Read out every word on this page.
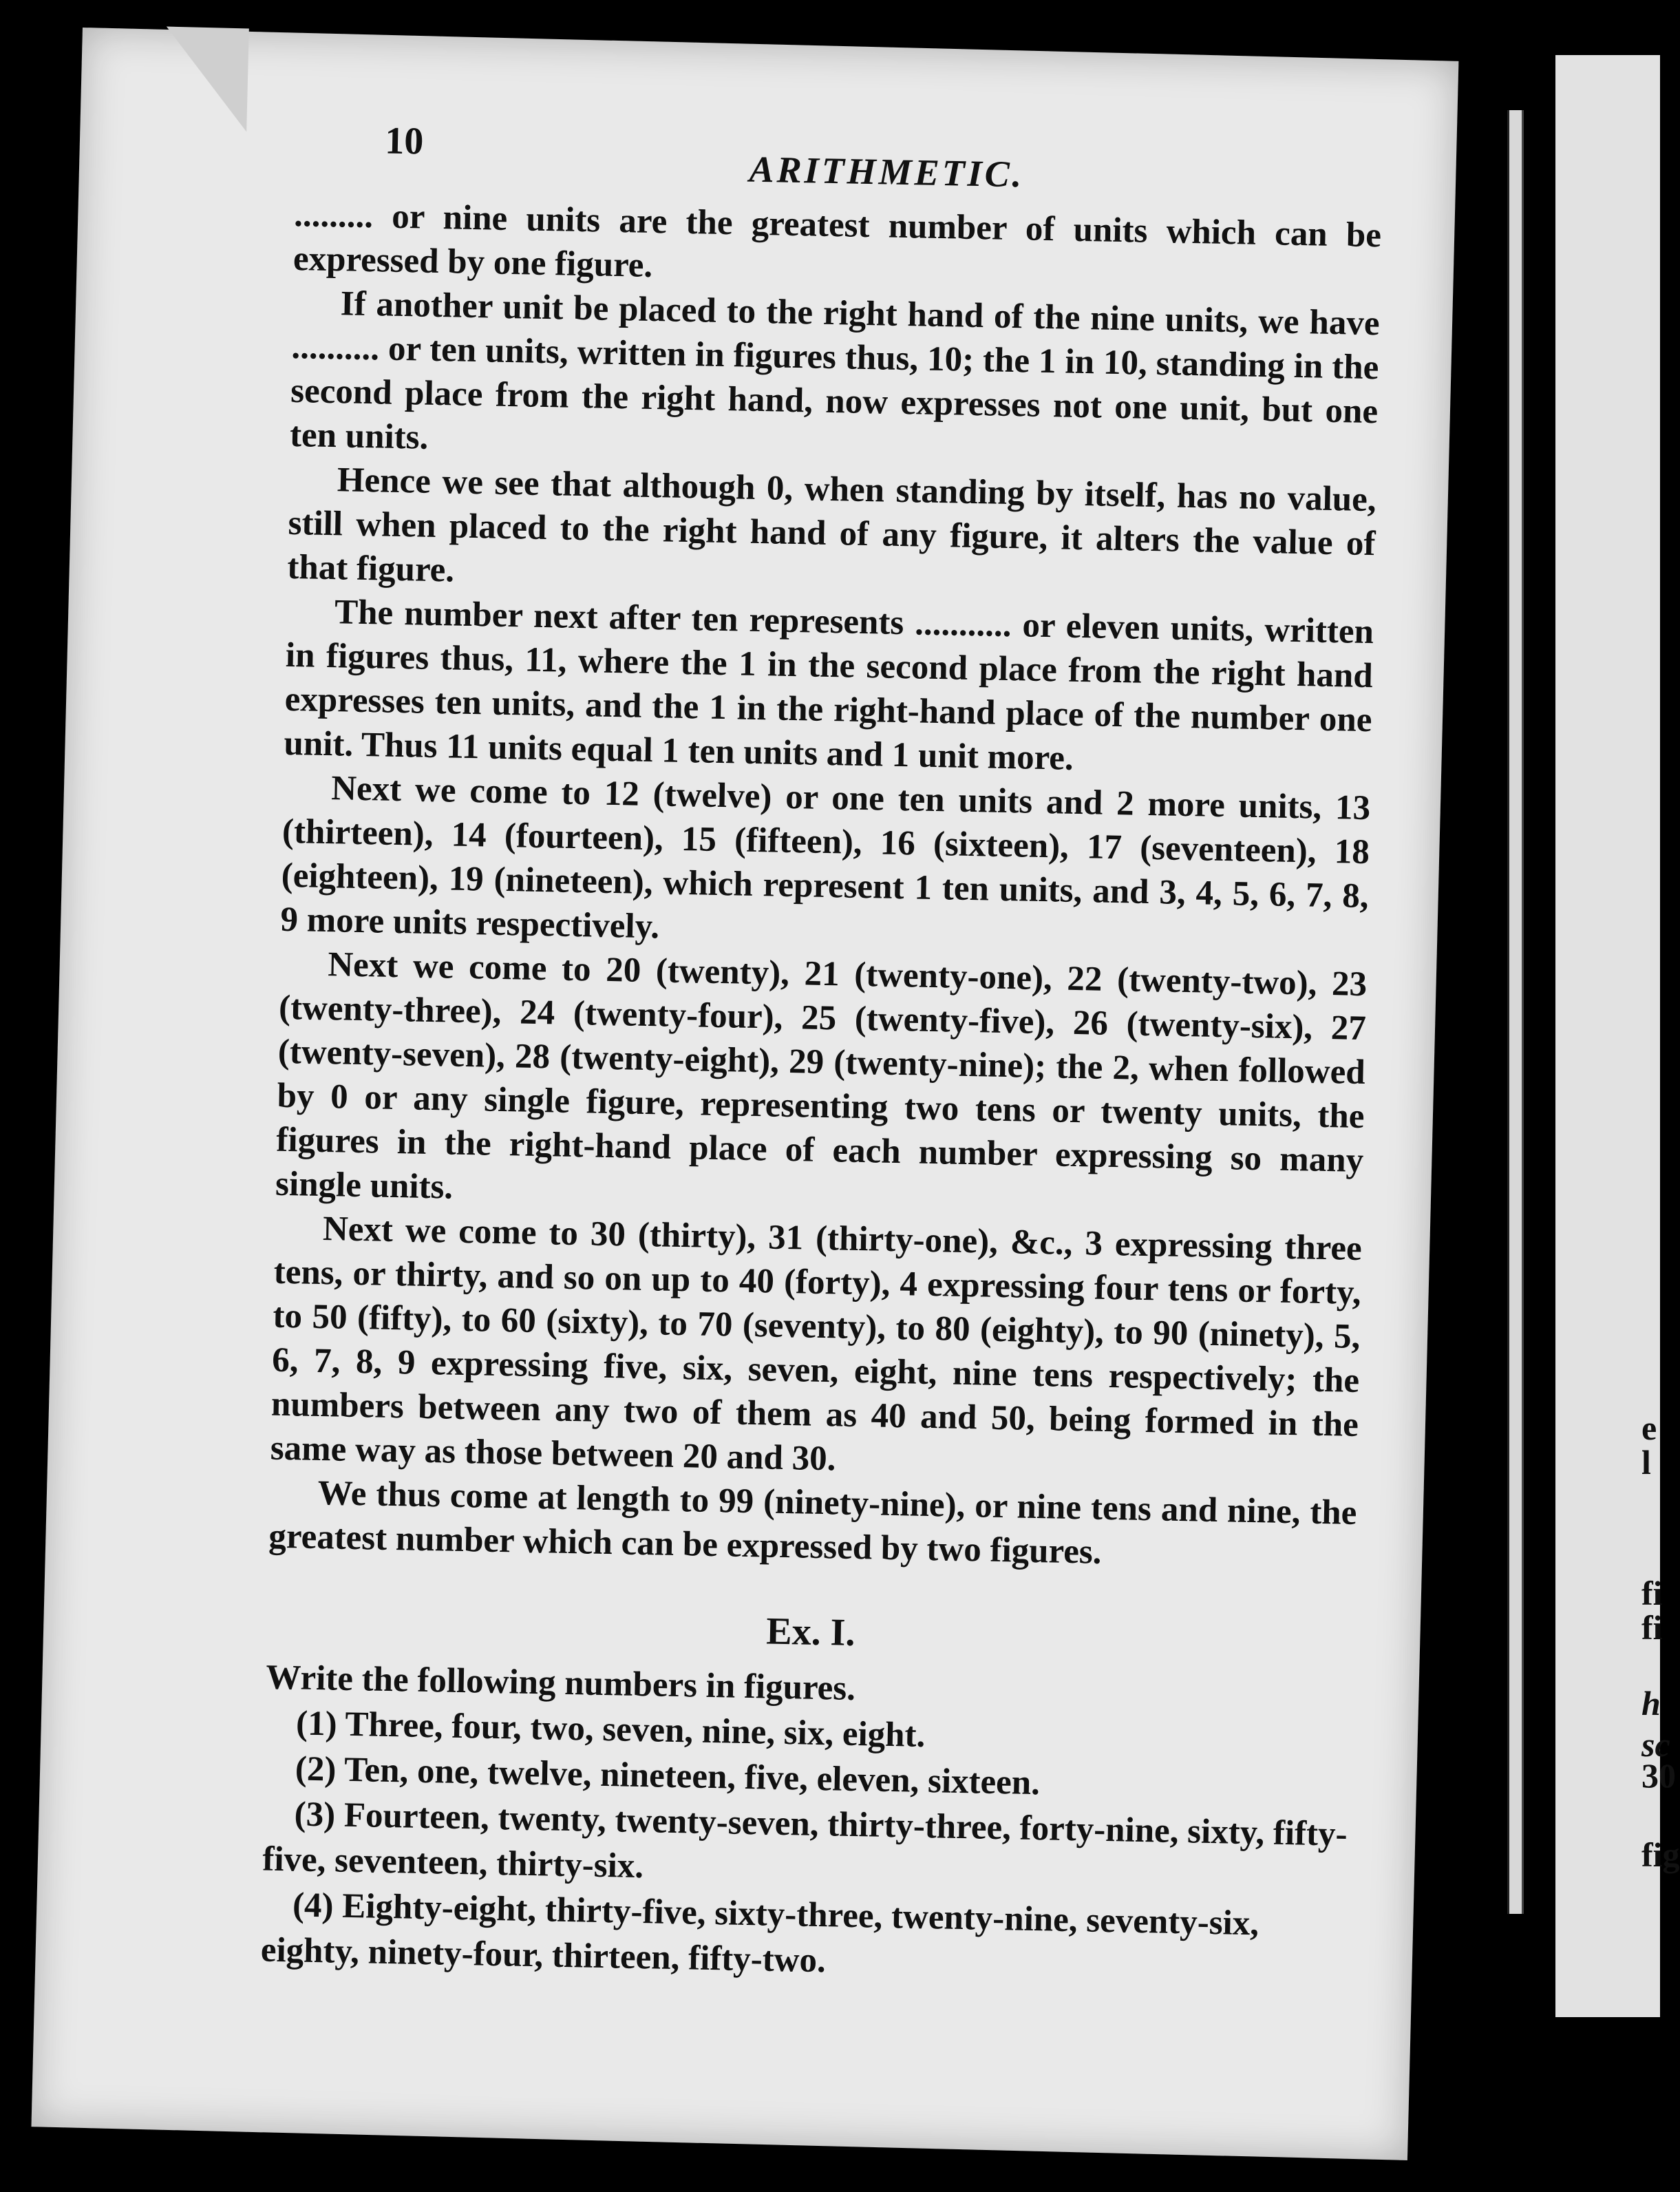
e
l
fi
fi
h
sc
30
fig
10
ARITHMETIC.

......... or nine units are the greatest number of units which can be expressed by one figure.

If another unit be placed to the right hand of the nine units, we have .......... or ten units, written in figures thus, 10; the 1 in 10, standing in the second place from the right hand, now expresses not one unit, but one ten units.

Hence we see that although 0, when standing by itself, has no value, still when placed to the right hand of any figure, it alters the value of that figure.

The number next after ten represents ........... or eleven units, written in figures thus, 11, where the 1 in the second place from the right hand expresses ten units, and the 1 in the right-hand place of the number one unit. Thus 11 units equal 1 ten units and 1 unit more.

Next we come to 12 (twelve) or one ten units and 2 more units, 13 (thirteen), 14 (fourteen), 15 (fifteen), 16 (sixteen), 17 (seventeen), 18 (eighteen), 19 (nineteen), which represent 1 ten units, and 3, 4, 5, 6, 7, 8, 9 more units respectively.

Next we come to 20 (twenty), 21 (twenty-one), 22 (twenty-two), 23 (twenty-three), 24 (twenty-four), 25 (twenty-five), 26 (twenty-six), 27 (twenty-seven), 28 (twenty-eight), 29 (twenty-nine); the 2, when followed by 0 or any single figure, representing two tens or twenty units, the figures in the right-hand place of each number expressing so many single units.

Next we come to 30 (thirty), 31 (thirty-one), &c., 3 expressing three tens, or thirty, and so on up to 40 (forty), 4 expressing four tens or forty, to 50 (fifty), to 60 (sixty), to 70 (seventy), to 80 (eighty), to 90 (ninety), 5, 6, 7, 8, 9 expressing five, six, seven, eight, nine tens respectively; the numbers between any two of them as 40 and 50, being formed in the same way as those between 20 and 30.

We thus come at length to 99 (ninety-nine), or nine tens and nine, the greatest number which can be expressed by two figures.

Ex. I.

Write the following numbers in figures.

(1) Three, four, two, seven, nine, six, eight.

(2) Ten, one, twelve, nineteen, five, eleven, sixteen.

(3) Fourteen, twenty, twenty-seven, thirty-three, forty-nine, sixty, fifty-five, seventeen, thirty-six.

(4) Eighty-eight, thirty-five, sixty-three, twenty-nine, seventy-six, eighty, ninety-four, thirteen, fifty-two.
